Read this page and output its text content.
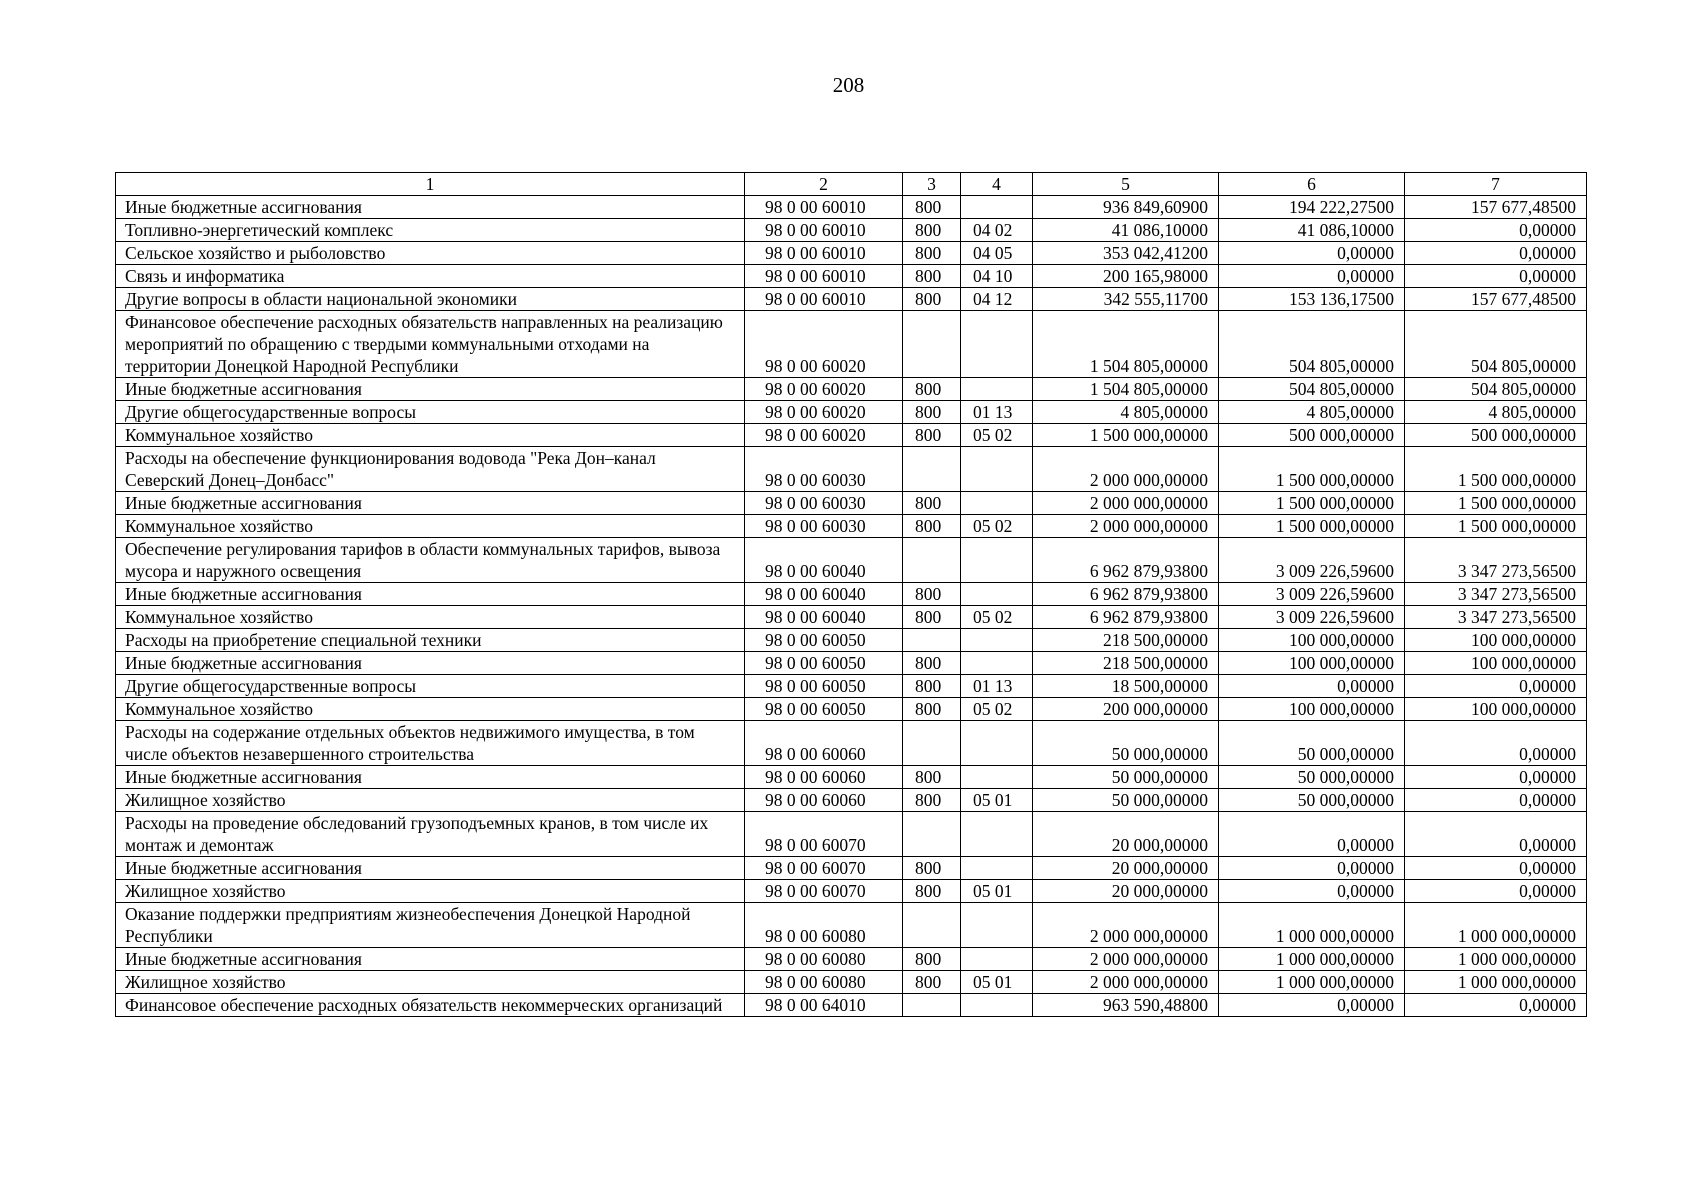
208
1	2	3	4	5	6	7
Иные бюджетные ассигнования	98 0 00 60010	800		936 849,60900	194 222,27500	157 677,48500
Топливно-энергетический комплекс	98 0 00 60010	800	04 02	41 086,10000	41 086,10000	0,00000
Сельское хозяйство и рыболовство	98 0 00 60010	800	04 05	353 042,41200	0,00000	0,00000
Связь и информатика	98 0 00 60010	800	04 10	200 165,98000	0,00000	0,00000
Другие вопросы в области национальной экономики	98 0 00 60010	800	04 12	342 555,11700	153 136,17500	157 677,48500
Финансовое обеспечение расходных обязательств направленных на реализацию мероприятий по обращению с твердыми коммунальными отходами на территории Донецкой Народной Республики	98 0 00 60020			1 504 805,00000	504 805,00000	504 805,00000
Иные бюджетные ассигнования	98 0 00 60020	800		1 504 805,00000	504 805,00000	504 805,00000
Другие общегосударственные вопросы	98 0 00 60020	800	01 13	4 805,00000	4 805,00000	4 805,00000
Коммунальное хозяйство	98 0 00 60020	800	05 02	1 500 000,00000	500 000,00000	500 000,00000
Расходы на обеспечение функционирования водовода "Река Дон–канал Северский Донец–Донбасс"	98 0 00 60030			2 000 000,00000	1 500 000,00000	1 500 000,00000
Иные бюджетные ассигнования	98 0 00 60030	800		2 000 000,00000	1 500 000,00000	1 500 000,00000
Коммунальное хозяйство	98 0 00 60030	800	05 02	2 000 000,00000	1 500 000,00000	1 500 000,00000
Обеспечение регулирования тарифов в области коммунальных тарифов, вывоза мусора и наружного освещения	98 0 00 60040			6 962 879,93800	3 009 226,59600	3 347 273,56500
Иные бюджетные ассигнования	98 0 00 60040	800		6 962 879,93800	3 009 226,59600	3 347 273,56500
Коммунальное хозяйство	98 0 00 60040	800	05 02	6 962 879,93800	3 009 226,59600	3 347 273,56500
Расходы на приобретение специальной техники	98 0 00 60050			218 500,00000	100 000,00000	100 000,00000
Иные бюджетные ассигнования	98 0 00 60050	800		218 500,00000	100 000,00000	100 000,00000
Другие общегосударственные вопросы	98 0 00 60050	800	01 13	18 500,00000	0,00000	0,00000
Коммунальное хозяйство	98 0 00 60050	800	05 02	200 000,00000	100 000,00000	100 000,00000
Расходы на содержание отдельных объектов недвижимого имущества, в том числе объектов незавершенного строительства	98 0 00 60060			50 000,00000	50 000,00000	0,00000
Иные бюджетные ассигнования	98 0 00 60060	800		50 000,00000	50 000,00000	0,00000
Жилищное хозяйство	98 0 00 60060	800	05 01	50 000,00000	50 000,00000	0,00000
Расходы на проведение обследований грузоподъемных кранов, в том числе их монтаж и демонтаж	98 0 00 60070			20 000,00000	0,00000	0,00000
Иные бюджетные ассигнования	98 0 00 60070	800		20 000,00000	0,00000	0,00000
Жилищное хозяйство	98 0 00 60070	800	05 01	20 000,00000	0,00000	0,00000
Оказание поддержки предприятиям жизнеобеспечения Донецкой Народной Республики	98 0 00 60080			2 000 000,00000	1 000 000,00000	1 000 000,00000
Иные бюджетные ассигнования	98 0 00 60080	800		2 000 000,00000	1 000 000,00000	1 000 000,00000
Жилищное хозяйство	98 0 00 60080	800	05 01	2 000 000,00000	1 000 000,00000	1 000 000,00000
Финансовое обеспечение расходных обязательств некоммерческих организаций	98 0 00 64010			963 590,48800	0,00000	0,00000
